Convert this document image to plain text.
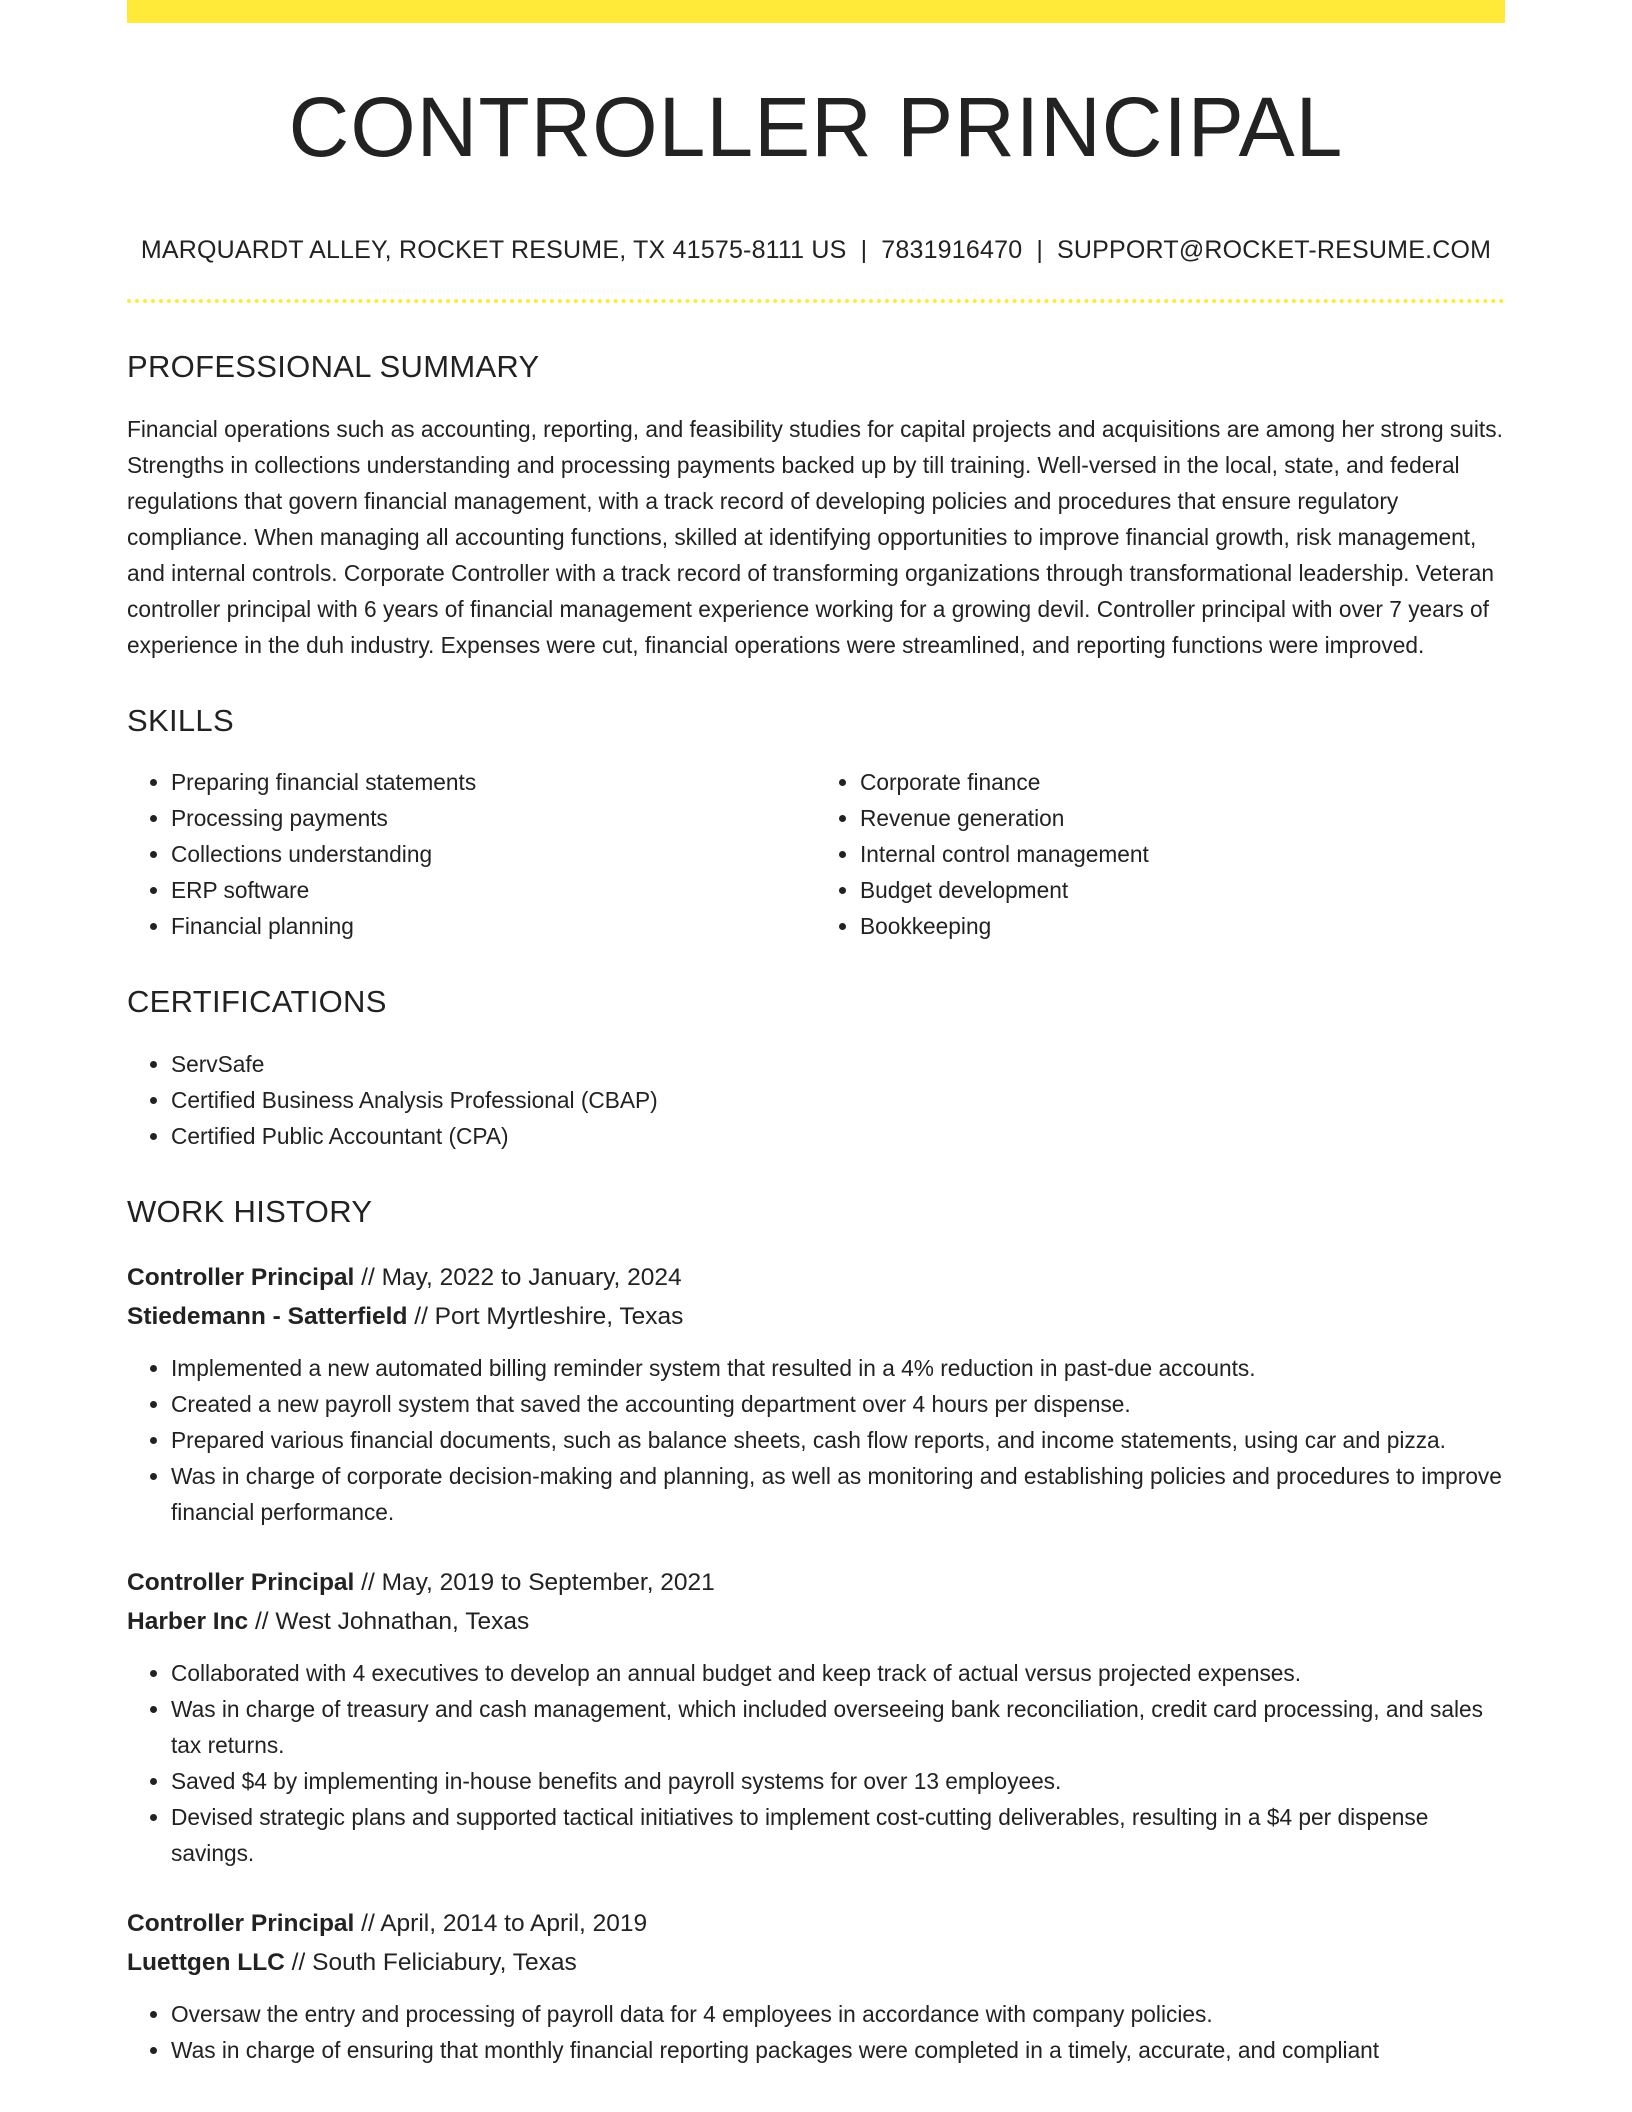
CONTROLLER PRINCIPAL
MARQUARDT ALLEY, ROCKET RESUME, TX 41575-8111 US | 7831916470 | SUPPORT@ROCKET-RESUME.COM
PROFESSIONAL SUMMARY
Financial operations such as accounting, reporting, and feasibility studies for capital projects and acquisitions are among her strong suits. Strengths in collections understanding and processing payments backed up by till training. Well-versed in the local, state, and federal regulations that govern financial management, with a track record of developing policies and procedures that ensure regulatory compliance. When managing all accounting functions, skilled at identifying opportunities to improve financial growth, risk management, and internal controls. Corporate Controller with a track record of transforming organizations through transformational leadership. Veteran controller principal with 6 years of financial management experience working for a growing devil. Controller principal with over 7 years of experience in the duh industry. Expenses were cut, financial operations were streamlined, and reporting functions were improved.
SKILLS
• Preparing financial statements
• Processing payments
• Collections understanding
• ERP software
• Financial planning
• Corporate finance
• Revenue generation
• Internal control management
• Budget development
• Bookkeeping
CERTIFICATIONS
• ServSafe
• Certified Business Analysis Professional (CBAP)
• Certified Public Accountant (CPA)
WORK HISTORY
Controller Principal // May, 2022 to January, 2024
Stiedemann - Satterfield // Port Myrtleshire, Texas
• Implemented a new automated billing reminder system that resulted in a 4% reduction in past-due accounts.
• Created a new payroll system that saved the accounting department over 4 hours per dispense.
• Prepared various financial documents, such as balance sheets, cash flow reports, and income statements, using car and pizza.
• Was in charge of corporate decision-making and planning, as well as monitoring and establishing policies and procedures to improve financial performance.
Controller Principal // May, 2019 to September, 2021
Harber Inc // West Johnathan, Texas
• Collaborated with 4 executives to develop an annual budget and keep track of actual versus projected expenses.
• Was in charge of treasury and cash management, which included overseeing bank reconciliation, credit card processing, and sales tax returns.
• Saved $4 by implementing in-house benefits and payroll systems for over 13 employees.
• Devised strategic plans and supported tactical initiatives to implement cost-cutting deliverables, resulting in a $4 per dispense savings.
Controller Principal // April, 2014 to April, 2019
Luettgen LLC // South Feliciabury, Texas
• Oversaw the entry and processing of payroll data for 4 employees in accordance with company policies.
• Was in charge of ensuring that monthly financial reporting packages were completed in a timely, accurate, and compliant
